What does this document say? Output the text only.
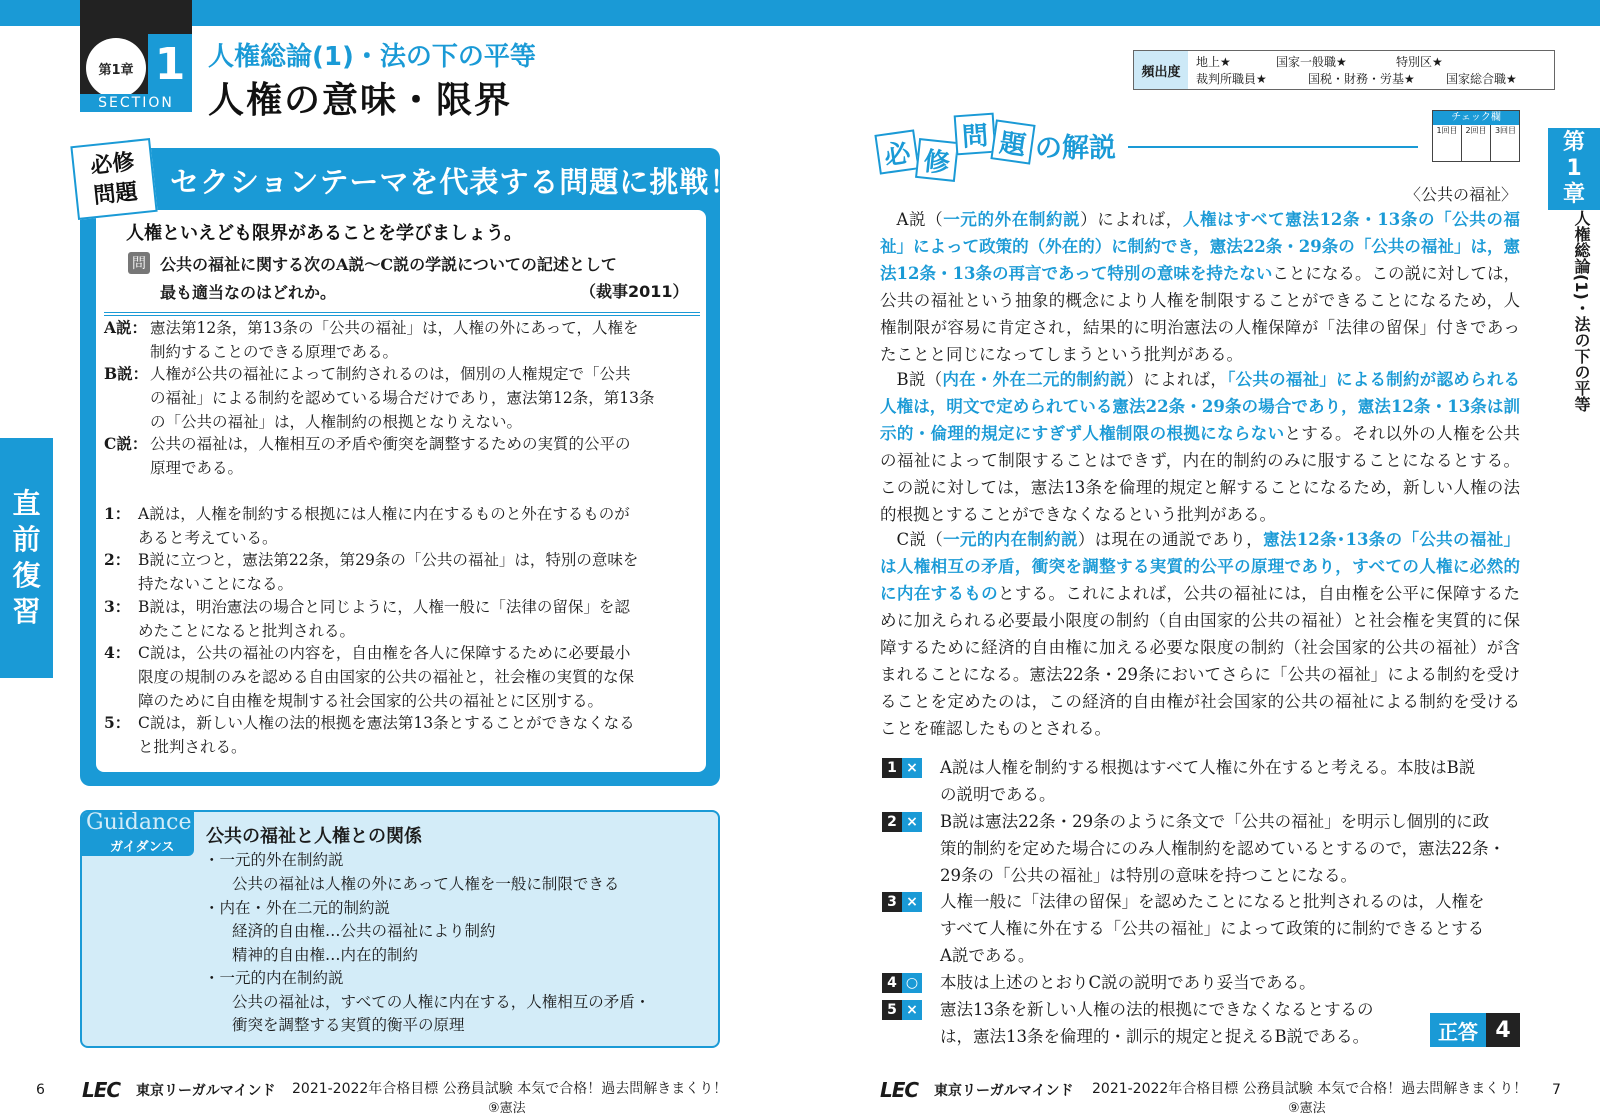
第1章 1
SECTION
人権総論(1)・法の下の平等
人権の意味・限界
必修
問題	セクションテーマを代表する問題に挑戦！
人権といえども限界があることを学びましょう。
問 公共の福祉に関する次のA説～C説の学説についての記述として
最も適当なのはどれか。	（裁事2011）
A説： 憲法第12条，第13条の「公共の福祉」は，人権の外にあって，人権を
制約することのできる原理である。
B説： 人権が公共の福祉によって制約されるのは，個別の人権規定で「公共
の福祉」による制約を認めている場合だけであり，憲法第12条，第13条
の「公共の福祉」は，人権制約の根拠となりえない。
C説： 公共の福祉は，人権相互の矛盾や衝突を調整するための実質的公平の
原理である。
1： A説は，人権を制約する根拠には人権に内在するものと外在するものが
あると考えている。
2： B説に立つと，憲法第22条，第29条の「公共の福祉」は，特別の意味を
持たないことになる。
3： B説は，明治憲法の場合と同じように，人権一般に「法律の留保」を認
めたことになると批判される。
4： C説は，公共の福祉の内容を，自由権を各人に保障するために必要最小
限度の規制のみを認める自由国家的公共の福祉と，社会権の実質的な保
障のために自由権を規制する社会国家的公共の福祉とに区別する。
5： C説は，新しい人権の法的根拠を憲法第13条とすることができなくなる
と批判される。
直
前
復
習
Guidance
ガイダンス
公共の福祉と人権との関係
・一元的外在制約説
公共の福祉は人権の外にあって人権を一般に制限できる
・内在・外在二元的制約説
経済的自由権…公共の福祉により制約
精神的自由権…内在的制約
・一元的内在制約説
公共の福祉は，すべての人権に内在する，人権相互の矛盾・
衝突を調整する実質的衡平の原理
6 LEC 東京リーガルマインド 2021-2022年合格目標 公務員試験 本気で合格！過去問解きまくり！
⑨憲法
頻出度
地上★	国家一般職★	特別区★
裁判所職員★	国税・財務・労基★	国家総合職★
必 修
問 題 の解説
チェック欄
1回目 2回目	3回目 第
1
章
人権総論(1)・法の下の平等
〈公共の福祉〉
A説（一元的外在制約説）によれば，人権はすべて憲法12条・13条の「公共の福祉」によって政策的（外在的）に制約でき，憲法22条・29条の「公共の福祉」は，憲法12条・13条の再言であって特別の意味を持たないことになる。この説に対しては，公共の福祉という抽象的概念により人権を制限することができることになるため，人権制限が容易に肯定され，結果的に明治憲法の人権保障が「法律の留保」付きであったことと同じになってしまうという批判がある。
B説（内在・外在二元的制約説）によれば，「公共の福祉」による制約が認められる人権は，明文で定められている憲法22条・29条の場合であり，憲法12条・13条は訓示的・倫理的規定にすぎず人権制限の根拠にならないとする。それ以外の人権を公共の福祉によって制限することはできず，内在的制約のみに服することになるとする。この説に対しては，憲法13条を倫理的規定と解することになるため，新しい人権の法的根拠とすることができなくなるという批判がある。
C説（一元的内在制約説）は現在の通説であり，憲法12条･13条の「公共の福祉」は人権相互の矛盾，衝突を調整する実質的公平の原理であり，すべての人権に必然的に内在するものとする。これによれば，公共の福祉には，自由権を公平に保障するために加えられる必要最小限度の制約（自由国家的公共の福祉）と社会権を実質的に保障するために経済的自由権に加える必要な限度の制約（社会国家的公共の福祉）が含まれることになる。憲法22条・29条においてさらに「公共の福祉」による制約を受けることを定めたのは，この経済的自由権が社会国家的公共の福祉による制約を受けることを確認したものとされる。
1 × A説は人権を制約する根拠はすべて人権に外在すると考える。本肢はB説
の説明である。
2 × B説は憲法22条・29条のように条文で「公共の福祉」を明示し個別的に政
策的制約を定めた場合にのみ人権制約を認めているとするので，憲法22条・
29条の「公共の福祉」は特別の意味を持つことになる。
3 × 人権一般に「法律の留保」を認めたことになると批判されるのは，人権を
すべて人権に外在する「公共の福祉」によって政策的に制約できるとする
A説である。
4 ○ 本肢は上述のとおりC説の説明であり妥当である。
5 × 憲法13条を新しい人権の法的根拠にできなくなるとするの
は，憲法13条を倫理的・訓示的規定と捉えるB説である。	正答 4
LEC 東京リーガルマインド 2021-2022年合格目標 公務員試験 本気で合格！過去問解きまくり！
⑨憲法
7
